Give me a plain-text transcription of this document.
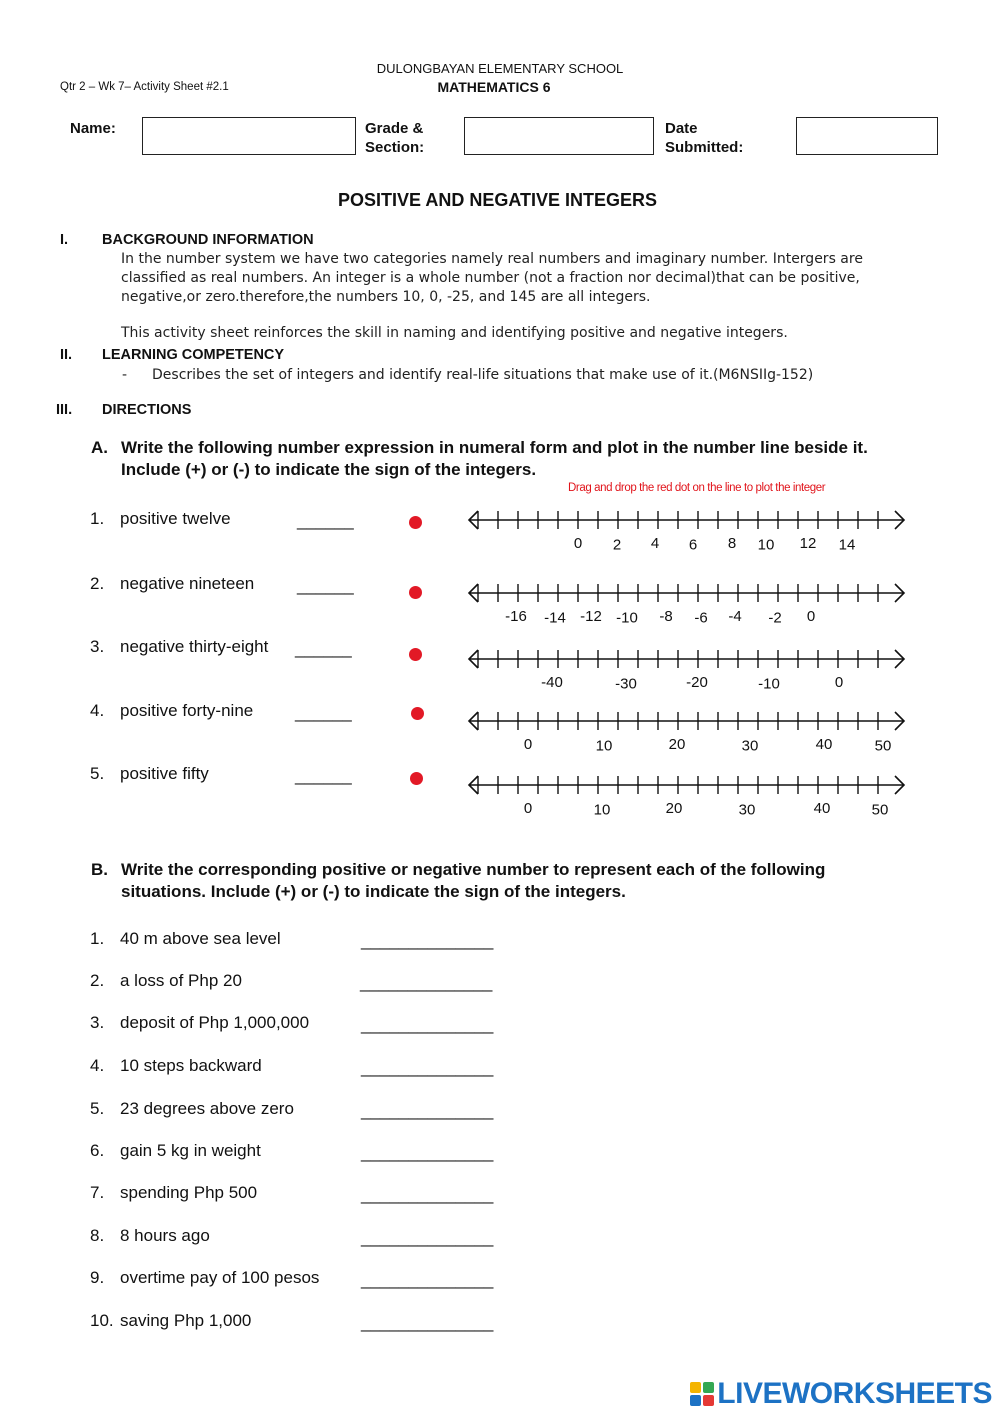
DULONGBAYAN ELEMENTARY SCHOOL
Qtr 2 – Wk 7– Activity Sheet #2.1	MATHEMATICS 6
Name:	Grade &
Section:
Date
Submitted:
POSITIVE AND NEGATIVE INTEGERS
I. BACKGROUND INFORMATION
In the number system we have two categories namely real numbers and imaginary number. Intergers are
classified as real numbers. An integer is a whole number (not a fraction nor decimal)that can be positive,
negative,or zero.therefore,the numbers 10, 0, -25, and 145 are all integers.
This activity sheet reinforces the skill in naming and identifying positive and negative integers.
II. LEARNING COMPETENCY
- Describes the set of integers and identify real-life situations that make use of it.(M6NSIIg-152)
III. DIRECTIONS
A. Write the following number expression in numeral form and plot in the number line beside it.
Include (+) or (-) to indicate the sign of the integers.
Drag and drop the red dot on the line to plot the integer
1. positive twelve	______
0 2 4 6 8 10 12 14
2. negative nineteen	______
-16 -14 -12 -10 -8 -6 -4 -2 0
3. negative thirty-eight ______
-40	-30	-20	-10	0
4. positive forty-nine ______
0	10	20	30	40	50
5. positive fifty	______
0	10	20	30	40	50
B. Write the corresponding positive or negative number to represent each of the following
situations. Include (+) or (-) to indicate the sign of the integers.
1. 40 m above sea level	______________
2. a loss of Php 20	______________
3. deposit of Php 1,000,000	______________
4. 10 steps backward	______________
5. 23 degrees above zero	______________
6. gain 5 kg in weight	______________
7. spending Php 500	______________
8. 8 hours ago	______________
9. overtime pay of 100 pesos ______________
10. saving Php 1,000	______________
LIVEWORKSHEETS
